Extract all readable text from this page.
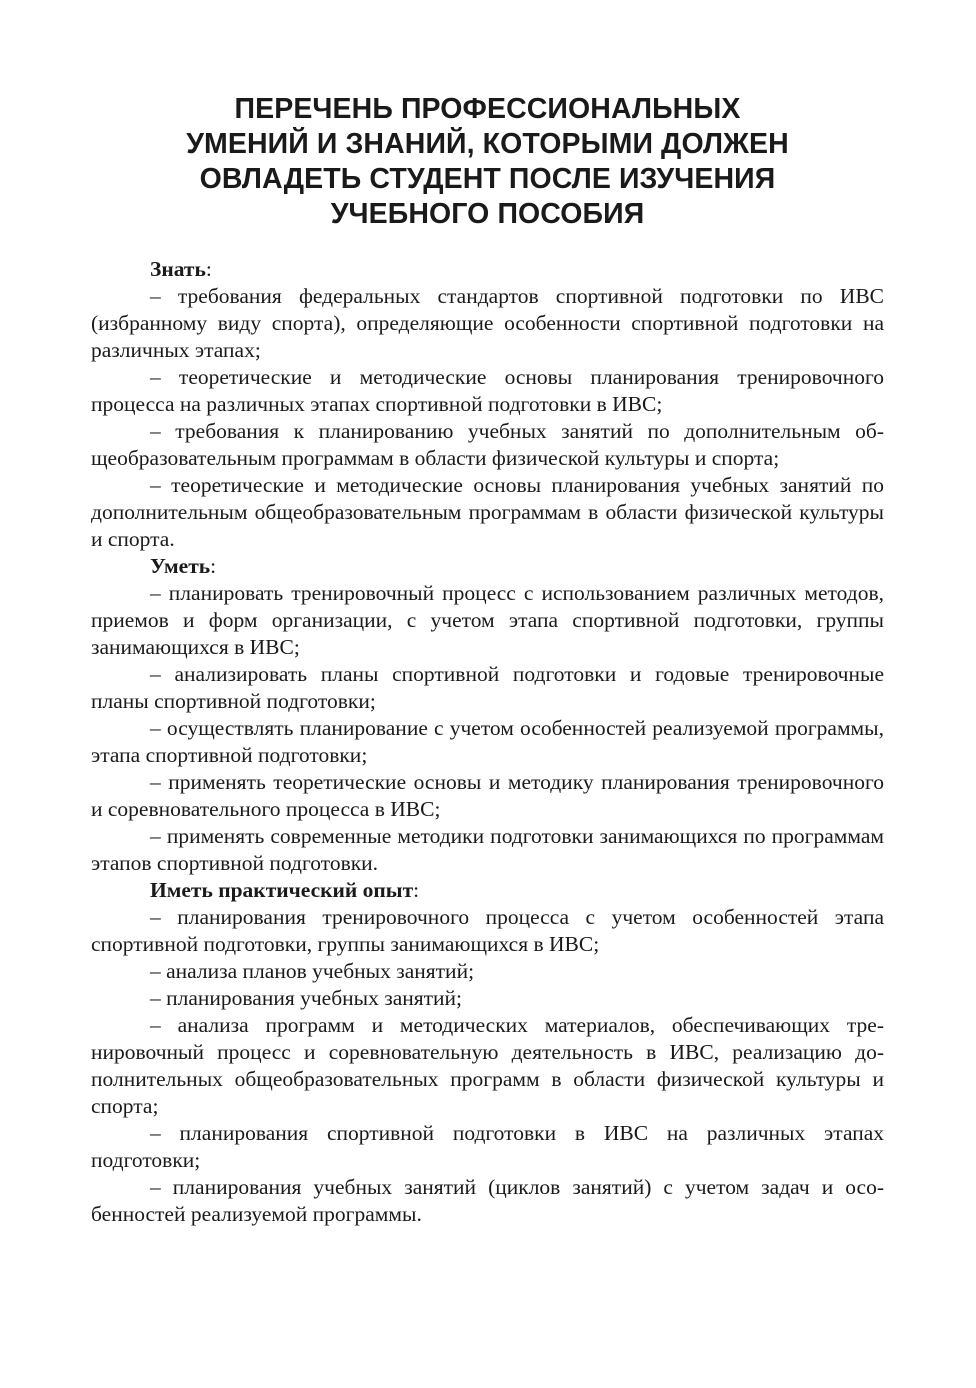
ПЕРЕЧЕНЬ ПРОФЕССИОНАЛЬНЫХ
УМЕНИЙ И ЗНАНИЙ, КОТОРЫМИ ДОЛЖЕН
ОВЛАДЕТЬ СТУДЕНТ ПОСЛЕ ИЗУЧЕНИЯ
УЧЕБНОГО ПОСОБИЯ

Знать:

– требования федеральных стандартов спортивной подготовки по ИВС (избранному виду спорта), определяющие особенности спортивной подготовки на различных этапах;

– теоретические и методические основы планирования тренировочного процесса на различных этапах спортивной подготовки в ИВС;

– требования к планированию учебных занятий по дополнительным общеобразовательным программам в области физической культуры и спорта;

– теоретические и методические основы планирования учебных занятий по дополнительным общеобразовательным программам в области физической культуры и спорта.

Уметь:

– планировать тренировочный процесс с использованием различных методов, приемов и форм организации, с учетом этапа спортивной подготовки, группы занимающихся в ИВС;

– анализировать планы спортивной подготовки и годовые тренировочные планы спортивной подготовки;

– осуществлять планирование с учетом особенностей реализуемой программы, этапа спортивной подготовки;

– применять теоретические основы и методику планирования тренировочного и соревновательного процесса в ИВС;

– применять современные методики подготовки занимающихся по программам этапов спортивной подготовки.

Иметь практический опыт:

– планирования тренировочного процесса с учетом особенностей этапа спортивной подготовки, группы занимающихся в ИВС;

– анализа планов учебных занятий;

– планирования учебных занятий;

– анализа программ и методических материалов, обеспечивающих тренировочный процесс и соревновательную деятельность в ИВС, реализацию дополнительных общеобразовательных программ в области физической культуры и спорта;

– планирования спортивной подготовки в ИВС на различных этапах подготовки;

– планирования учебных занятий (циклов занятий) с учетом задач и особенностей реализуемой программы.
